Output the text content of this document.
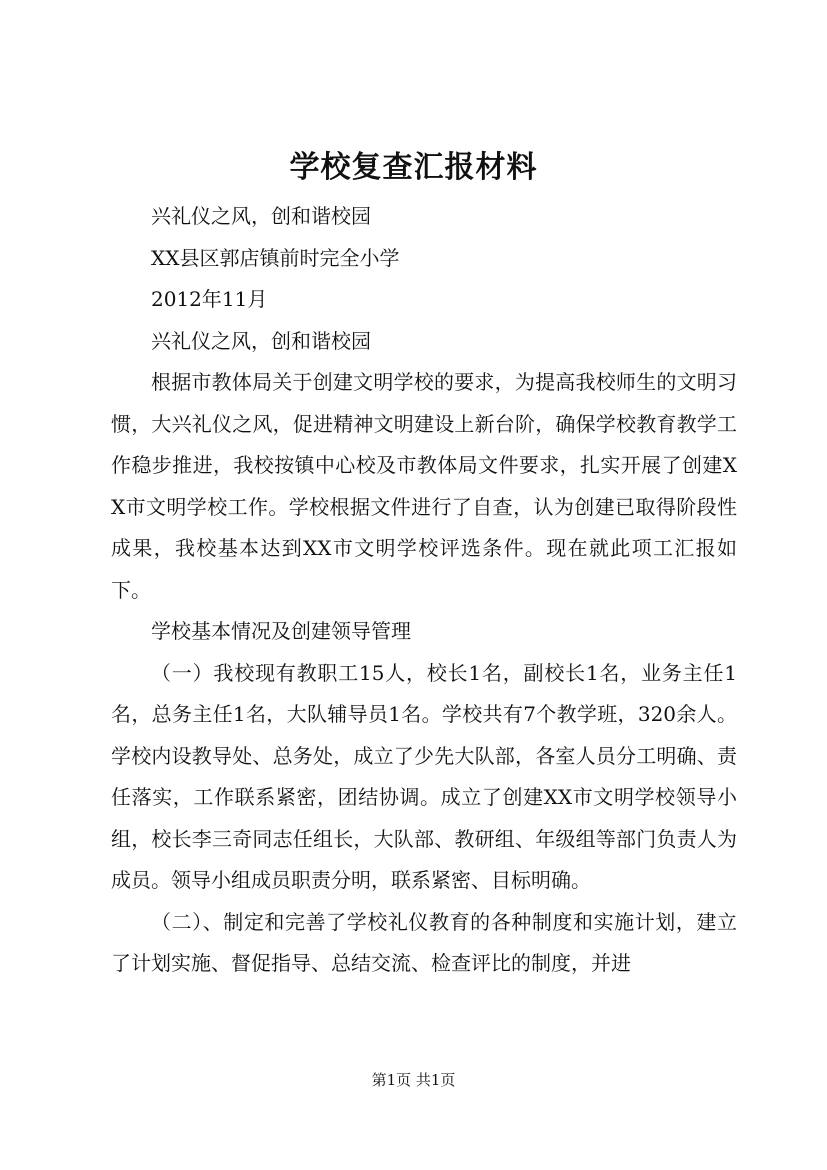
学校复查汇报材料

兴礼仪之风，创和谐校园

XX县区郭店镇前时完全小学

2012年11月

兴礼仪之风，创和谐校园

根据市教体局关于创建文明学校的要求，为提高我校师生的文明习惯，大兴礼仪之风，促进精神文明建设上新台阶，确保学校教育教学工作稳步推进，我校按镇中心校及市教体局文件要求，扎实开展了创建XX市文明学校工作。学校根据文件进行了自查，认为创建已取得阶段性成果，我校基本达到XX市文明学校评选条件。现在就此项工汇报如下。

学校基本情况及创建领导管理

（一）我校现有教职工15人，校长1名，副校长1名，业务主任1名，总务主任1名，大队辅导员1名。学校共有7个教学班，320余人。学校内设教导处、总务处，成立了少先大队部，各室人员分工明确、责任落实，工作联系紧密，团结协调。成立了创建XX市文明学校领导小组，校长李三奇同志任组长，大队部、教研组、年级组等部门负责人为成员。领导小组成员职责分明，联系紧密、目标明确。

（二）、制定和完善了学校礼仪教育的各种制度和实施计划，建立了计划实施、督促指导、总结交流、检查评比的制度，并进

第1页 共1页
